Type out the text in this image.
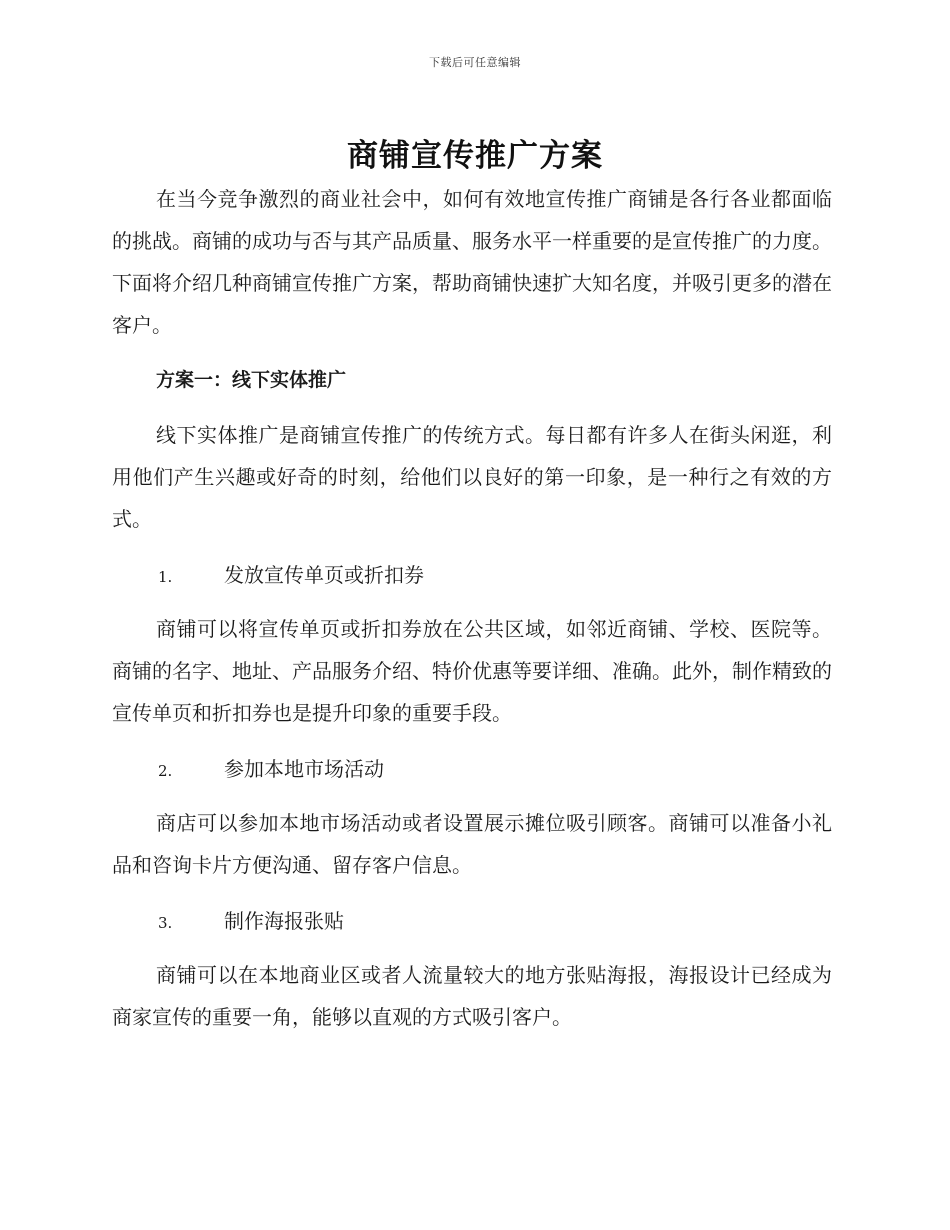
下载后可任意编辑
商铺宣传推广方案

在当今竞争激烈的商业社会中，如何有效地宣传推广商铺是各行各业都面临的挑战。商铺的成功与否与其产品质量、服务水平一样重要的是宣传推广的力度。下面将介绍几种商铺宣传推广方案，帮助商铺快速扩大知名度，并吸引更多的潜在客户。

方案一：线下实体推广

线下实体推广是商铺宣传推广的传统方式。每日都有许多人在街头闲逛，利用他们产生兴趣或好奇的时刻，给他们以良好的第一印象，是一种行之有效的方式。

1.	发放宣传单页或折扣券

商铺可以将宣传单页或折扣券放在公共区域，如邻近商铺、学校、医院等。商铺的名字、地址、产品服务介绍、特价优惠等要详细、准确。此外，制作精致的宣传单页和折扣券也是提升印象的重要手段。

2.	参加本地市场活动

商店可以参加本地市场活动或者设置展示摊位吸引顾客。商铺可以准备小礼品和咨询卡片方便沟通、留存客户信息。

3.	制作海报张贴

商铺可以在本地商业区或者人流量较大的地方张贴海报，海报设计已经成为商家宣传的重要一角，能够以直观的方式吸引客户。
